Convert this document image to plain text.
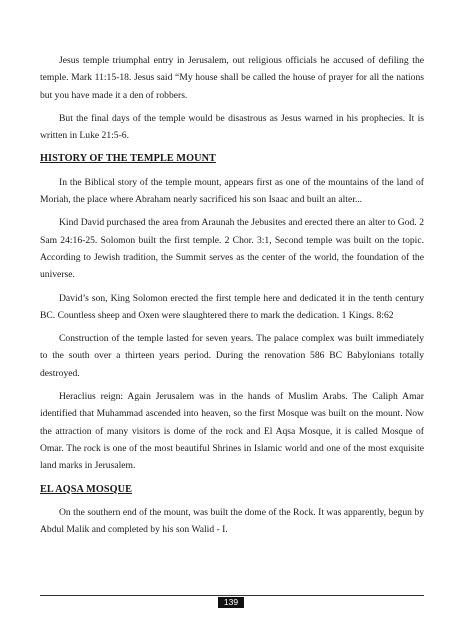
Jesus temple triumphal entry in Jerusalem, out religious officials he accused of defiling the temple. Mark 11:15-18. Jesus said “My house shall be called the house of prayer for all the nations but you have made it a den of robbers.

But the final days of the temple would be disastrous as Jesus warned in his prophecies. It is written in Luke 21:5-6.

HISTORY OF THE TEMPLE MOUNT

In the Biblical story of the temple mount, appears first as one of the mountains of the land of Moriah, the place where Abraham nearly sacrificed his son Isaac and built an alter...

Kind David purchased the area from Araunah the Jebusites and erected there an alter to God. 2 Sam 24:16-25. Solomon built the first temple. 2 Chor. 3:1, Second temple was built on the topic. According to Jewish tradition, the Summit serves as the center of the world, the foundation of the universe.

David’s son, King Solomon erected the first temple here and dedicated it in the tenth century BC. Countless sheep and Oxen were slaughtered there to mark the dedication. 1 Kings. 8:62

Construction of the temple lasted for seven years. The palace complex was built immediately to the south over a thirteen years period. During the renovation 586 BC Babylonians totally destroyed.

Heraclius reign: Again Jerusalem was in the hands of Muslim Arabs. The Caliph Amar identified that Muhammad ascended into heaven, so the first Mosque was built on the mount. Now the attraction of many visitors is dome of the rock and El Aqsa Mosque, it is called Mosque of Omar. The rock is one of the most beautiful Shrines in Islamic world and one of the most exquisite land marks in Jerusalem.

EL AQSA MOSQUE

On the southern end of the mount, was built the dome of the Rock. It was apparently, begun by Abdul Malik and completed by his son Walid - I.

139
